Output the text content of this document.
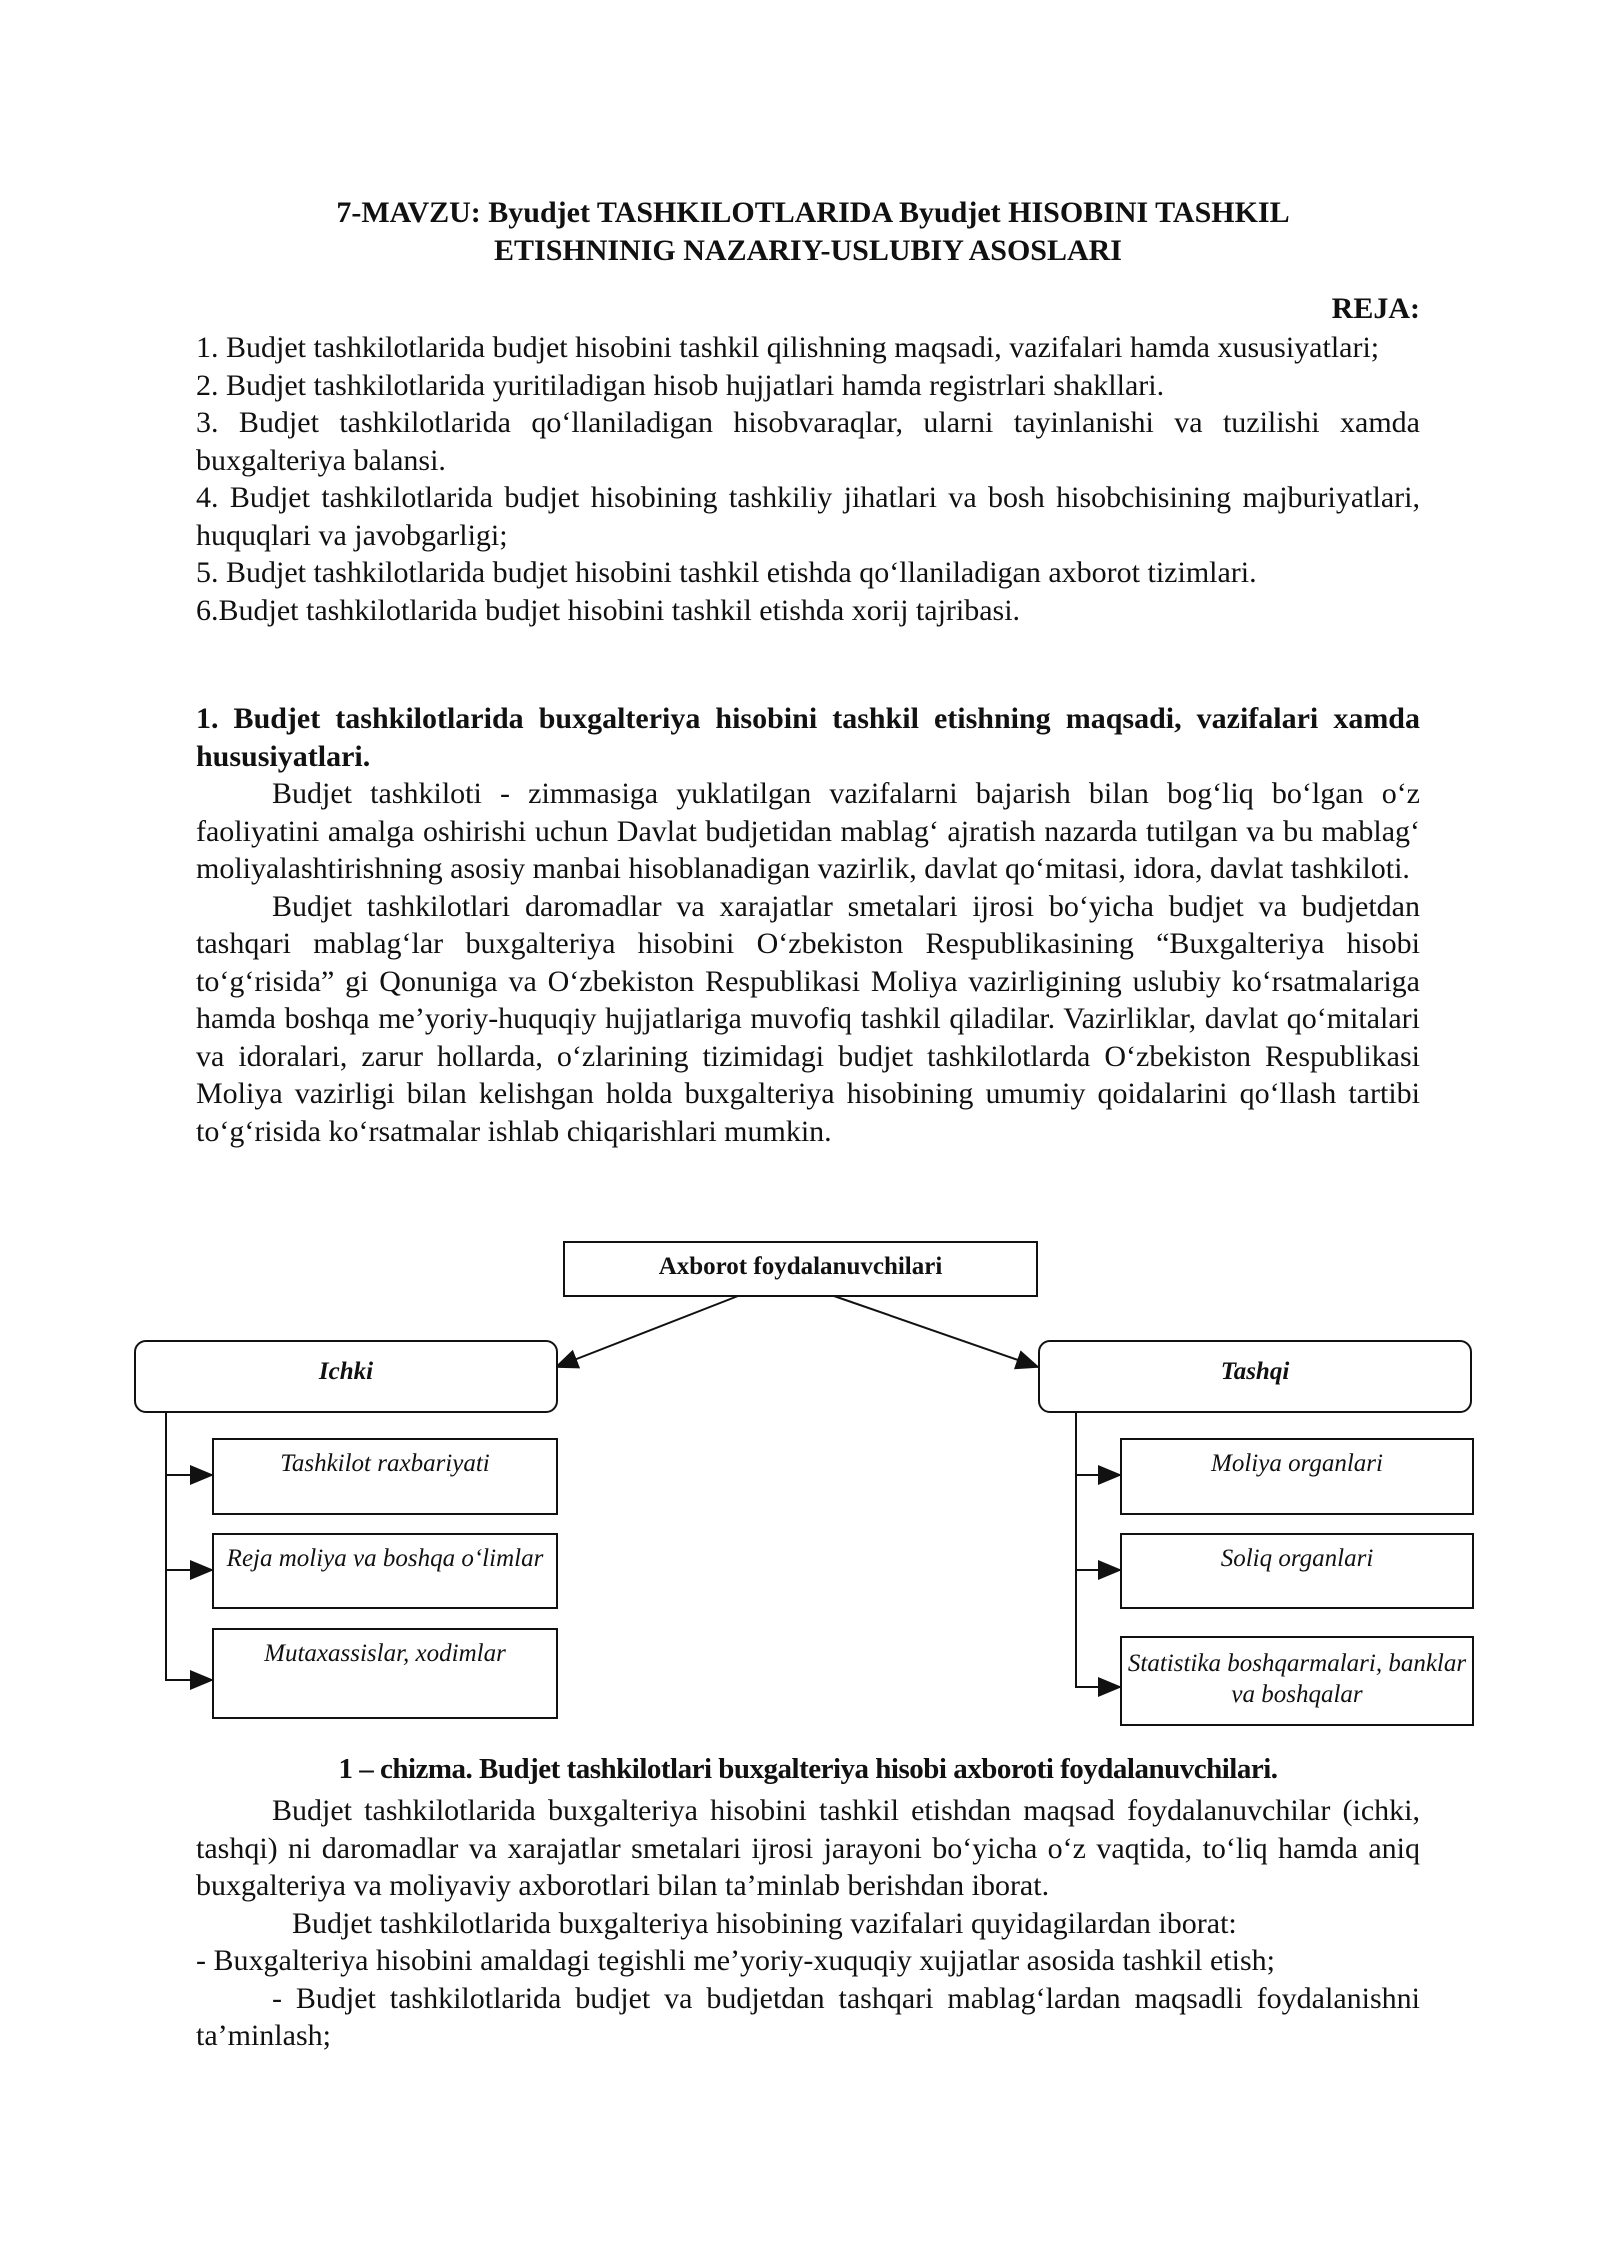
7-MAVZU: Byudjet TASHKILOTLARIDA Byudjet HISOBINI TASHKIL
ETISHNINIG NAZARIY-USLUBIY ASOSLARI
REJA:

1. Budjet tashkilotlarida budjet hisobini tashkil qilishning maqsadi, vazifalari hamda xususiyatlari;

2. Budjet tashkilotlarida yuritiladigan hisob hujjatlari hamda registrlari shakllari.

3. Budjet tashkilotlarida qo‘llaniladigan hisobvaraqlar, ularni tayinlanishi va tuzilishi xamda buxgalteriya balansi.

4. Budjet tashkilotlarida budjet hisobining tashkiliy jihatlari va bosh hisobchisining majburiyatlari, huquqlari va javobgarligi;

5. Budjet tashkilotlarida budjet hisobini tashkil etishda qo‘llaniladigan axborot tizimlari.

6.Budjet tashkilotlarida budjet hisobini tashkil etishda xorij tajribasi.

1. Budjet tashkilotlarida buxgalteriya hisobini tashkil etishning maqsadi, vazifalari xamda hususiyatlari.

Budjet tashkiloti - zimmasiga yuklatilgan vazifalarni bajarish bilan bog‘liq bo‘lgan o‘z faoliyatini amalga oshirishi uchun Davlat budjetidan mablag‘ ajratish nazarda tutilgan va bu mablag‘ moliyalashtirishning asosiy manbai hisoblanadigan vazirlik, davlat qo‘mitasi, idora, davlat tashkiloti.

Budjet tashkilotlari daromadlar va xarajatlar smetalari ijrosi bo‘yicha budjet va budjetdan tashqari mablag‘lar buxgalteriya hisobini O‘zbekiston Respublikasining “Buxgalteriya hisobi to‘g‘risida” gi Qonuniga va O‘zbekiston Respublikasi Moliya vazirligining uslubiy ko‘rsatmalariga hamda boshqa me’yoriy-huquqiy hujjatlariga muvofiq tashkil qiladilar. Vazirliklar, davlat qo‘mitalari va idoralari, zarur hollarda, o‘zlarining tizimidagi budjet tashkilotlarda O‘zbekiston Respublikasi Moliya vazirligi bilan kelishgan holda buxgalteriya hisobining umumiy qoidalarini qo‘llash tartibi to‘g‘risida ko‘rsatmalar ishlab chiqarishlari mumkin.

Axborot foydalanuvchilari
Ichki	Tashqi
Tashkilot raxbariyati
Reja moliya va boshqa o‘limlar
Mutaxassislar, xodimlar
Moliya organlari
Soliq organlari
Statistika boshqarmalari, banklar va boshqalar
1 – chizma. Budjet tashkilotlari buxgalteriya hisobi axboroti foydalanuvchilari.

Budjet tashkilotlarida buxgalteriya hisobini tashkil etishdan maqsad foydalanuvchilar (ichki, tashqi) ni daromadlar va xarajatlar smetalari ijrosi jarayoni bo‘yicha o‘z vaqtida, to‘liq hamda aniq buxgalteriya va moliyaviy axborotlari bilan ta’minlab berishdan iborat.

Budjet tashkilotlarida buxgalteriya hisobining vazifalari quyidagilardan iborat:

- Buxgalteriya hisobini amaldagi tegishli me’yoriy-xuquqiy xujjatlar asosida tashkil etish;

- Budjet tashkilotlarida budjet va budjetdan tashqari mablag‘lardan maqsadli foydalanishni ta’minlash;
